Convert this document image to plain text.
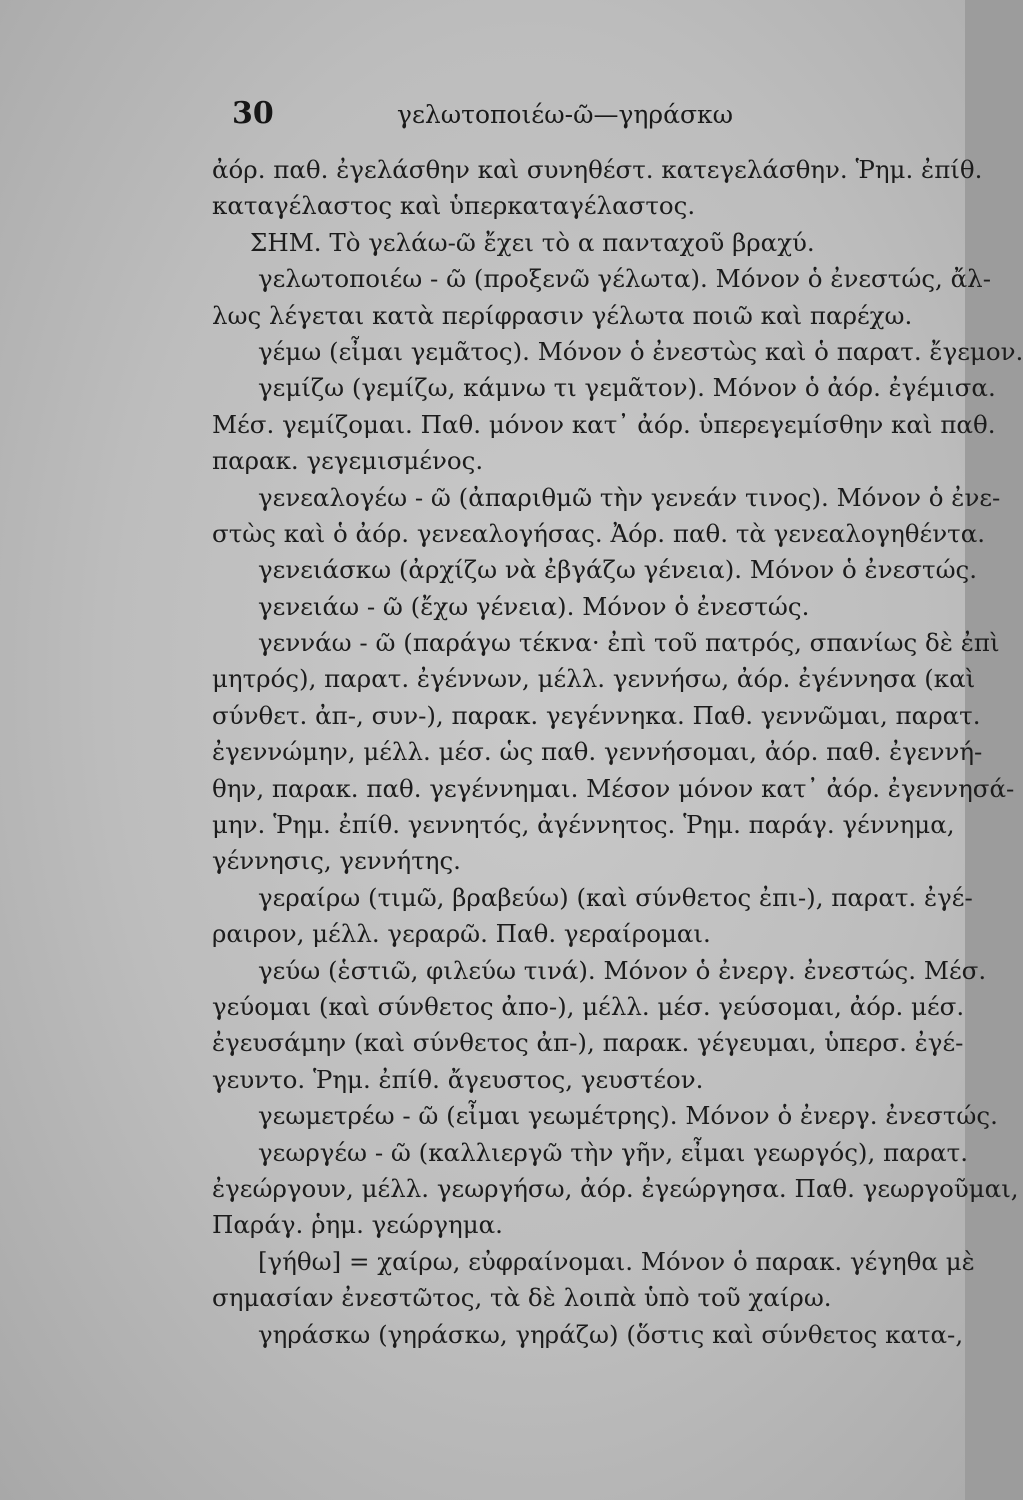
30	γελωτοποιέω-ῶ—γηράσκω
ἀόρ. παθ. ἐγελάσθην καὶ συνηθέστ. κατεγελάσθην. Ῥημ. ἐπίθ.
καταγέλαστος καὶ ὑπερκαταγέλαστος.
ΣΗΜ. Τὸ γελάω-ῶ ἔχει τὸ α πανταχοῦ βραχύ.
γελωτοποιέω - ῶ (προξενῶ γέλωτα). Μόνον ὁ ἐνεστώς, ἄλ-
λως λέγεται κατὰ περίφρασιν γέλωτα ποιῶ καὶ παρέχω.
γέμω (εἶμαι γεμᾶτος). Μόνον ὁ ἐνεστὼς καὶ ὁ παρατ. ἔγεμον.
γεμίζω (γεμίζω, κάμνω τι γεμᾶτον). Μόνον ὁ ἀόρ. ἐγέμισα.
Μέσ. γεμίζομαι. Παθ. μόνον κατ᾽ ἀόρ. ὑπερεγεμίσθην καὶ παθ.
παρακ. γεγεμισμένος.
γενεαλογέω - ῶ (ἀπαριθμῶ τὴν γενεάν τινος). Μόνον ὁ ἐνε-
στὼς καὶ ὁ ἀόρ. γενεαλογήσας. Ἀόρ. παθ. τὰ γενεαλογηθέντα.
γενειάσκω (ἀρχίζω νὰ ἐβγάζω γένεια). Μόνον ὁ ἐνεστώς.
γενειάω - ῶ (ἔχω γένεια). Μόνον ὁ ἐνεστώς.
γεννάω - ῶ (παράγω τέκνα· ἐπὶ τοῦ πατρός, σπανίως δὲ ἐπὶ
μητρός), παρατ. ἐγέννων, μέλλ. γεννήσω, ἀόρ. ἐγέννησα (καὶ
σύνθετ. ἀπ-, συν-), παρακ. γεγέννηκα. Παθ. γεννῶμαι, παρατ.
ἐγεννώμην, μέλλ. μέσ. ὡς παθ. γεννήσομαι, ἀόρ. παθ. ἐγεννή-
θην, παρακ. παθ. γεγέννημαι. Μέσον μόνον κατ᾽ ἀόρ. ἐγεννησά-
μην. Ῥημ. ἐπίθ. γεννητός, ἀγέννητος. Ῥημ. παράγ. γέννημα,
γέννησις, γεννήτης.
γεραίρω (τιμῶ, βραβεύω) (καὶ σύνθετος ἐπι-), παρατ. ἐγέ-
ραιρον, μέλλ. γεραρῶ. Παθ. γεραίρομαι.
γεύω (ἑστιῶ, φιλεύω τινά). Μόνον ὁ ἐνεργ. ἐνεστώς. Μέσ.
γεύομαι (καὶ σύνθετος ἀπο-), μέλλ. μέσ. γεύσομαι, ἀόρ. μέσ.
ἐγευσάμην (καὶ σύνθετος ἀπ-), παρακ. γέγευμαι, ὑπερσ. ἐγέ-
γευντο. Ῥημ. ἐπίθ. ἄγευστος, γευστέον.
γεωμετρέω - ῶ (εἶμαι γεωμέτρης). Μόνον ὁ ἐνεργ. ἐνεστώς.
γεωργέω - ῶ (καλλιεργῶ τὴν γῆν, εἶμαι γεωργός), παρατ.
ἐγεώργουν, μέλλ. γεωργήσω, ἀόρ. ἐγεώργησα. Παθ. γεωργοῦμαι,
Παράγ. ῥημ. γεώργημα.
[γήθω] = χαίρω, εὐφραίνομαι. Μόνον ὁ παρακ. γέγηθα μὲ
σημασίαν ἐνεστῶτος, τὰ δὲ λοιπὰ ὑπὸ τοῦ χαίρω.
γηράσκω (γηράσκω, γηράζω) (ὅστις καὶ σύνθετος κατα-,
